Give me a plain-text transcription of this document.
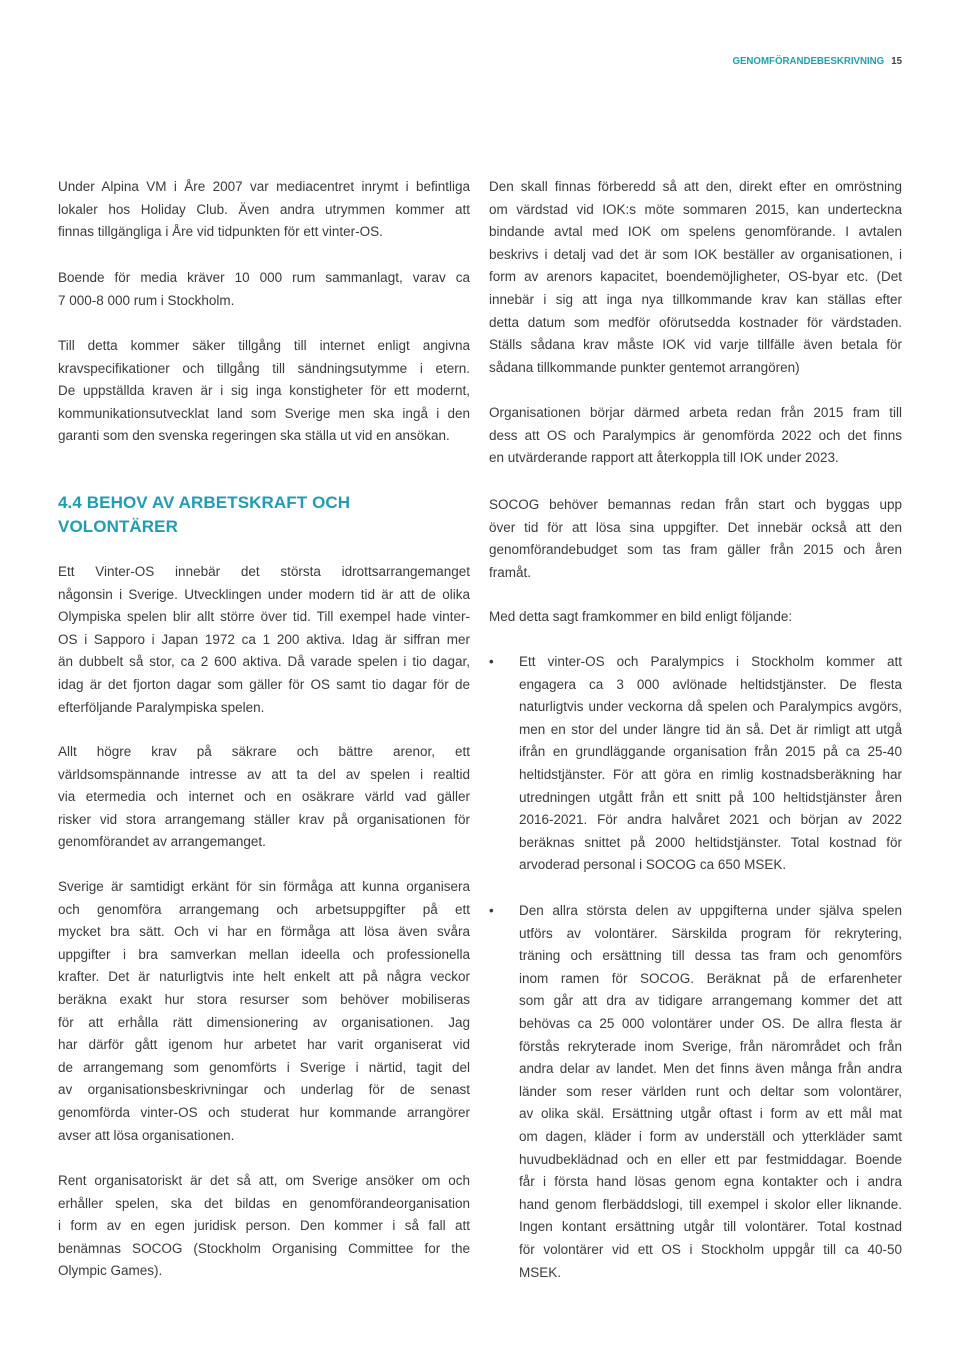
GENOMFÖRANDEBESKRIVNING 15
Under Alpina VM i Åre 2007 var mediacentret inrymt i befintliga
lokaler hos Holiday Club. Även andra utrymmen kommer att
finnas tillgängliga i Åre vid tidpunkten för ett vinter-OS.
Boende för media kräver 10 000 rum sammanlagt, varav ca
7 000-8 000 rum i Stockholm.
Till detta kommer säker tillgång till internet enligt angivna
kravspecifikationer och tillgång till sändningsutymme i etern.
De uppställda kraven är i sig inga konstigheter för ett modernt,
kommunikationsutvecklat land som Sverige men ska ingå i den
garanti som den svenska regeringen ska ställa ut vid en ansökan.
4.4 BEHOV AV ARBETSKRAFT OCH
VOLONTÄRER
Ett Vinter-OS innebär det största idrottsarrangemanget
någonsin i Sverige. Utvecklingen under modern tid är att de olika
Olympiska spelen blir allt större över tid. Till exempel hade vinter-
OS i Sapporo i Japan 1972 ca 1 200 aktiva. Idag är siffran mer
än dubbelt så stor, ca 2 600 aktiva. Då varade spelen i tio dagar,
idag är det fjorton dagar som gäller för OS samt tio dagar för de
efterföljande Paralympiska spelen.
Allt högre krav på säkrare och bättre arenor, ett
världsomspännande intresse av att ta del av spelen i realtid
via etermedia och internet och en osäkrare värld vad gäller
risker vid stora arrangemang ställer krav på organisationen för
genomförandet av arrangemanget.
Sverige är samtidigt erkänt för sin förmåga att kunna organisera
och genomföra arrangemang och arbetsuppgifter på ett
mycket bra sätt. Och vi har en förmåga att lösa även svåra
uppgifter i bra samverkan mellan ideella och professionella
krafter. Det är naturligtvis inte helt enkelt att på några veckor
beräkna exakt hur stora resurser som behöver mobiliseras
för att erhålla rätt dimensionering av organisationen. Jag
har därför gått igenom hur arbetet har varit organiserat vid
de arrangemang som genomförts i Sverige i närtid, tagit del
av organisationsbeskrivningar och underlag för de senast
genomförda vinter-OS och studerat hur kommande arrangörer
avser att lösa organisationen.
Rent organisatoriskt är det så att, om Sverige ansöker om och
erhåller spelen, ska det bildas en genomförandeorganisation
i form av en egen juridisk person. Den kommer i så fall att
benämnas SOCOG (Stockholm Organising Committee for the
Olympic Games).
Den skall finnas förberedd så att den, direkt efter en omröstning
om värdstad vid IOK:s möte sommaren 2015, kan underteckna
bindande avtal med IOK om spelens genomförande. I avtalen
beskrivs i detalj vad det är som IOK beställer av organisationen, i
form av arenors kapacitet, boendemöjligheter, OS-byar etc. (Det
innebär i sig att inga nya tillkommande krav kan ställas efter
detta datum som medför oförutsedda kostnader för värdstaden.
Ställs sådana krav måste IOK vid varje tillfälle även betala för
sådana tillkommande punkter gentemot arrangören)
Organisationen börjar därmed arbeta redan från 2015 fram till
dess att OS och Paralympics är genomförda 2022 och det finns
en utvärderande rapport att återkoppla till IOK under 2023.
SOCOG behöver bemannas redan från start och byggas upp
över tid för att lösa sina uppgifter. Det innebär också att den
genomförandebudget som tas fram gäller från 2015 och åren
framåt.
Med detta sagt framkommer en bild enligt följande:
•	Ett vinter-OS och Paralympics i Stockholm kommer att
engagera ca 3 000 avlönade heltidstjänster. De flesta
naturligtvis under veckorna då spelen och Paralympics avgörs,
men en stor del under längre tid än så. Det är rimligt att utgå
ifrån en grundläggande organisation från 2015 på ca 25-40
heltidstjänster. För att göra en rimlig kostnadsberäkning har
utredningen utgått från ett snitt på 100 heltidstjänster åren
2016-2021. För andra halvåret 2021 och början av 2022
beräknas snittet på 2000 heltidstjänster. Total kostnad för
arvoderad personal i SOCOG ca 650 MSEK.
•	Den allra största delen av uppgifterna under själva spelen
utförs av volontärer. Särskilda program för rekrytering,
träning och ersättning till dessa tas fram och genomförs
inom ramen för SOCOG. Beräknat på de erfarenheter
som går att dra av tidigare arrangemang kommer det att
behövas ca 25 000 volontärer under OS. De allra flesta är
förstås rekryterade inom Sverige, från närområdet och från
andra delar av landet. Men det finns även många från andra
länder som reser världen runt och deltar som volontärer,
av olika skäl. Ersättning utgår oftast i form av ett mål mat
om dagen, kläder i form av underställ och ytterkläder samt
huvudbeklädnad och en eller ett par festmiddagar. Boende
får i första hand lösas genom egna kontakter och i andra
hand genom flerbäddslogi, till exempel i skolor eller liknande.
Ingen kontant ersättning utgår till volontärer. Total kostnad
för volontärer vid ett OS i Stockholm uppgår till ca 40-50
MSEK.
